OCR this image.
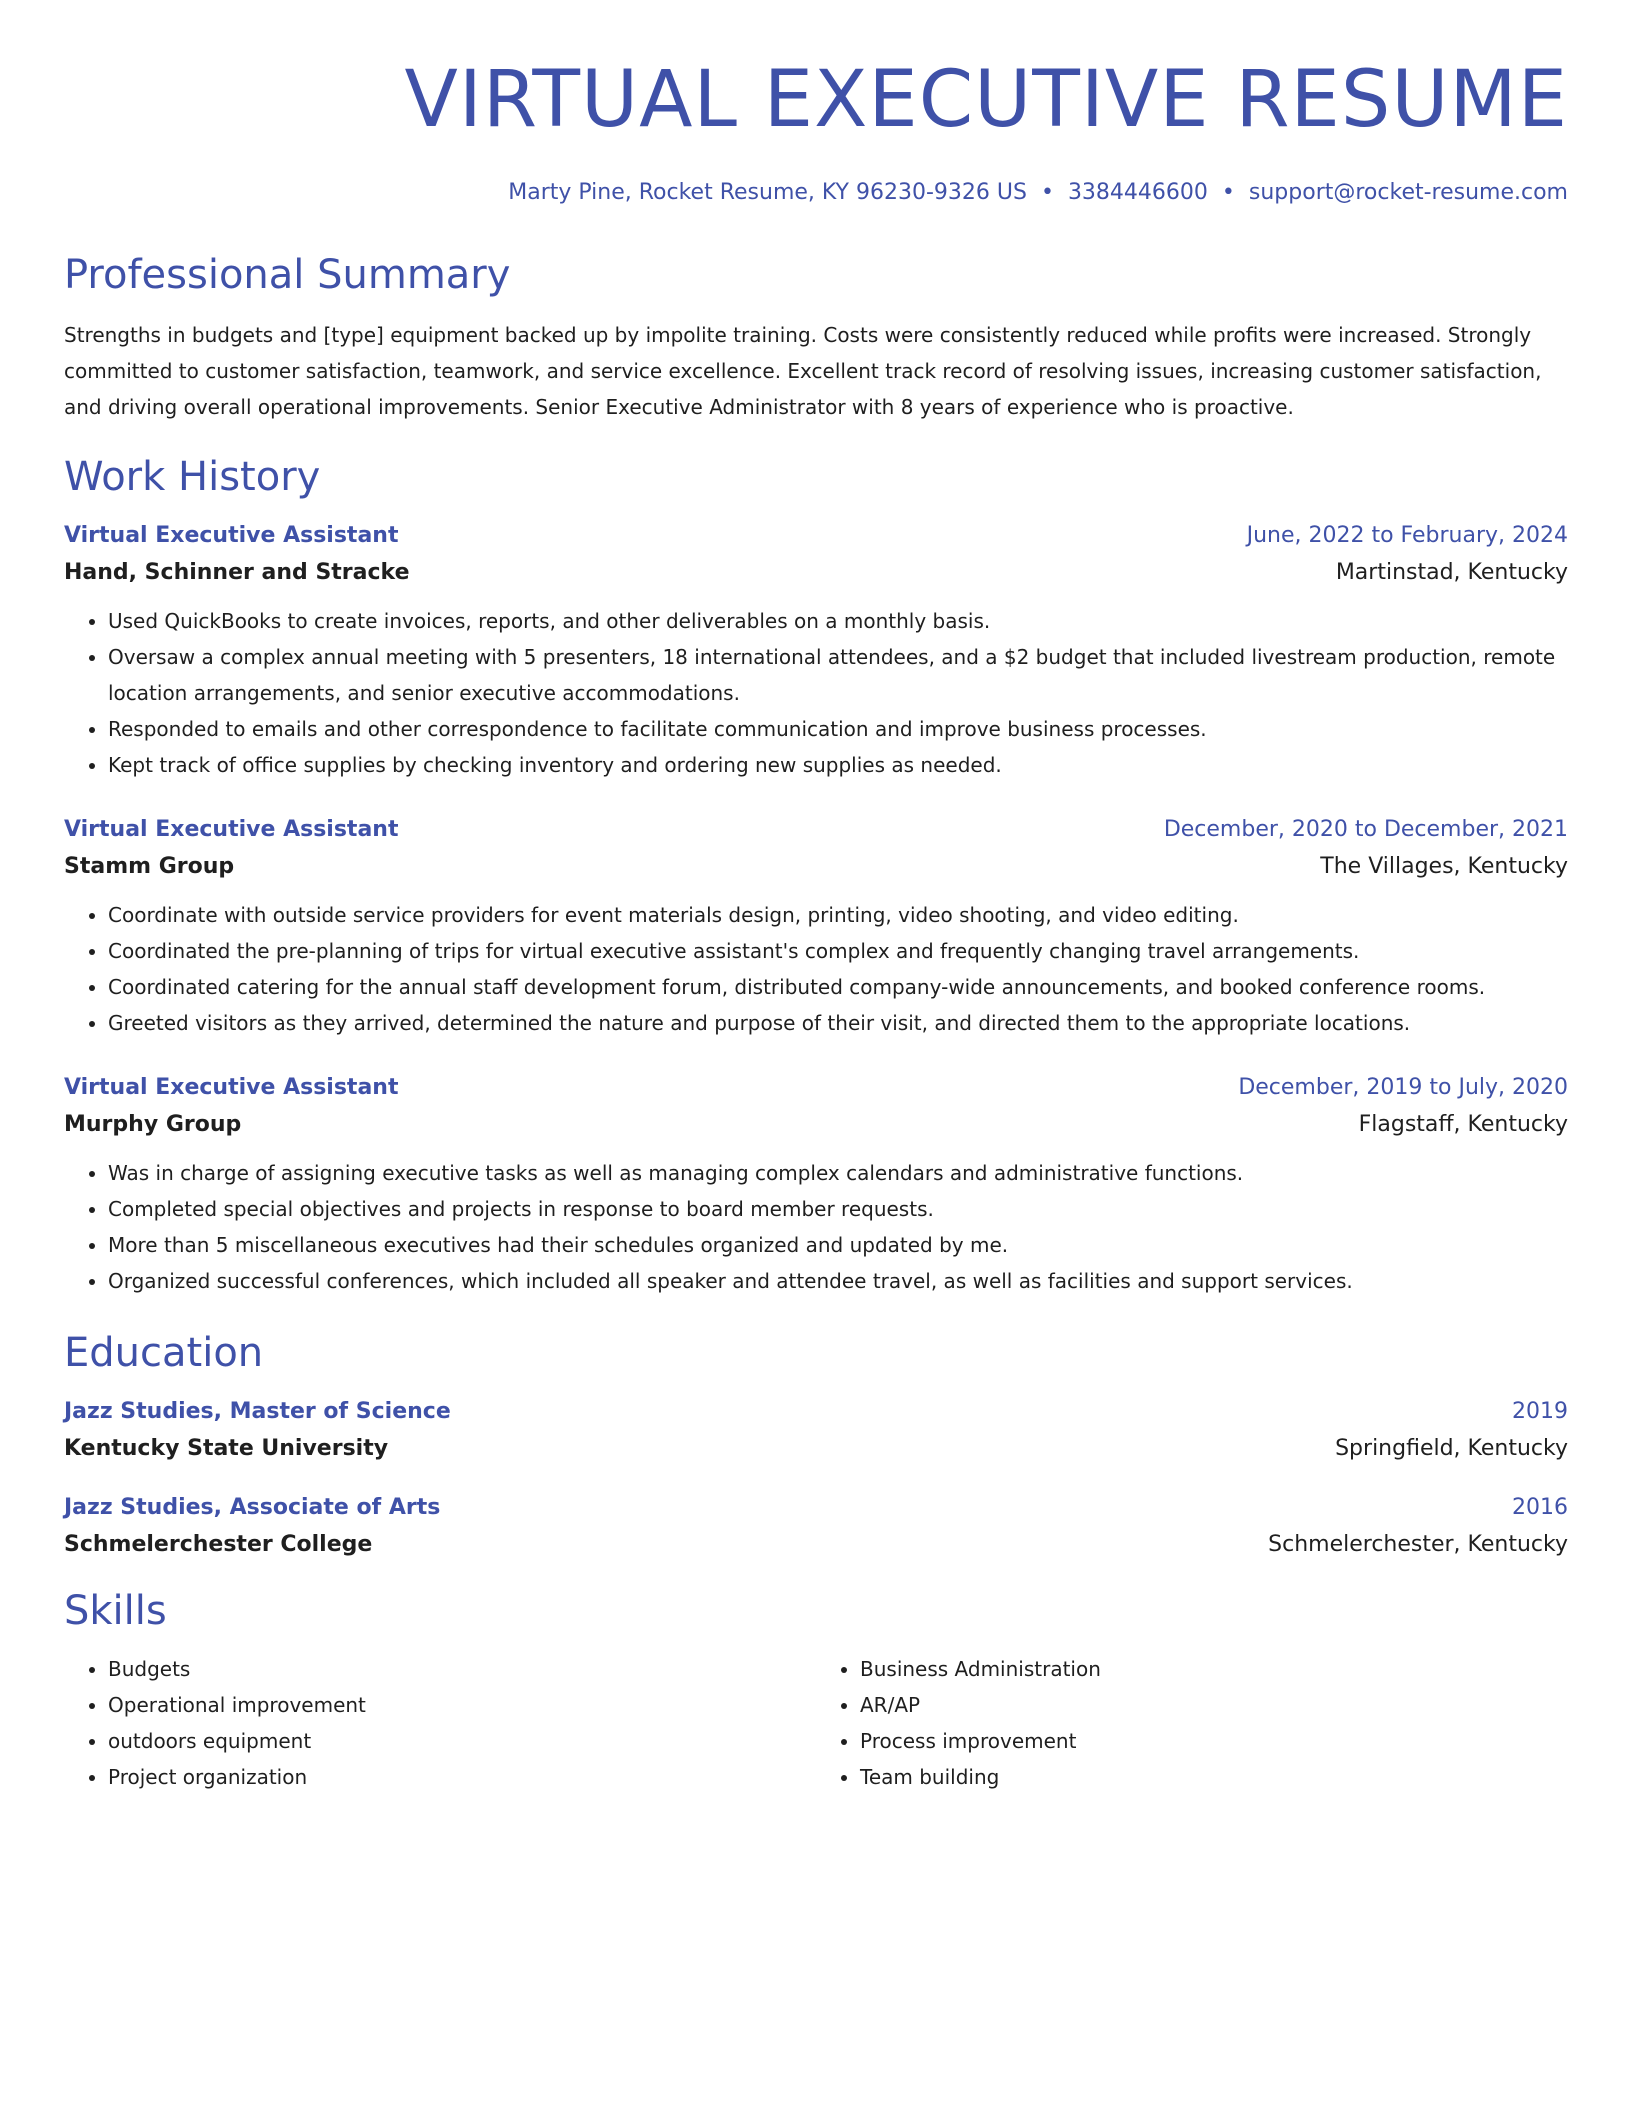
VIRTUAL EXECUTIVE RESUME
Marty Pine, Rocket Resume, KY 96230-9326 US • 3384446600 • support@rocket-resume.com
Professional Summary
Strengths in budgets and [type] equipment backed up by impolite training. Costs were consistently reduced while profits were increased. Strongly committed to customer satisfaction, teamwork, and service excellence. Excellent track record of resolving issues, increasing customer satisfaction, and driving overall operational improvements. Senior Executive Administrator with 8 years of experience who is proactive.
Work History
Virtual Executive Assistant	June, 2022 to February, 2024
Hand, Schinner and Stracke	Martinstad, Kentucky
• Used QuickBooks to create invoices, reports, and other deliverables on a monthly basis.
• Oversaw a complex annual meeting with 5 presenters, 18 international attendees, and a $2 budget that included livestream production, remote location arrangements, and senior executive accommodations.
• Responded to emails and other correspondence to facilitate communication and improve business processes.
• Kept track of office supplies by checking inventory and ordering new supplies as needed.
Virtual Executive Assistant	December, 2020 to December, 2021
Stamm Group	The Villages, Kentucky
• Coordinate with outside service providers for event materials design, printing, video shooting, and video editing.
• Coordinated the pre-planning of trips for virtual executive assistant's complex and frequently changing travel arrangements.
• Coordinated catering for the annual staff development forum, distributed company-wide announcements, and booked conference rooms.
• Greeted visitors as they arrived, determined the nature and purpose of their visit, and directed them to the appropriate locations.
Virtual Executive Assistant	December, 2019 to July, 2020
Murphy Group	Flagstaff, Kentucky
• Was in charge of assigning executive tasks as well as managing complex calendars and administrative functions.
• Completed special objectives and projects in response to board member requests.
• More than 5 miscellaneous executives had their schedules organized and updated by me.
• Organized successful conferences, which included all speaker and attendee travel, as well as facilities and support services.
Education
Jazz Studies, Master of Science	2019
Kentucky State University	Springfield, Kentucky
Jazz Studies, Associate of Arts	2016
Schmelerchester College	Schmelerchester, Kentucky
Skills
• Budgets
• Operational improvement
• outdoors equipment
• Project organization
• Business Administration
• AR/AP
• Process improvement
• Team building
